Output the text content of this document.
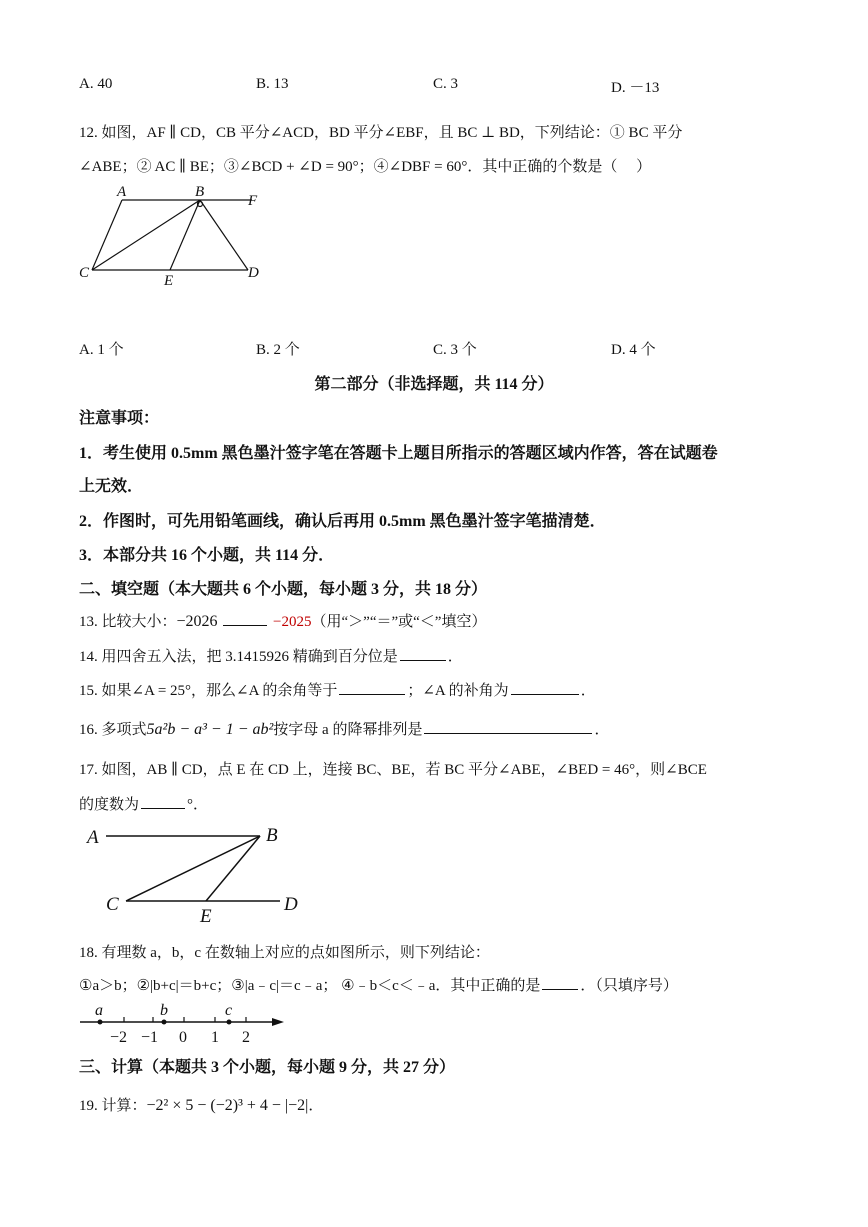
A. 40	B. 13	C. 3	D. －13
12. 如图，AF ∥ CD，CB 平分∠ACD，BD 平分∠EBF，且 BC ⊥ BD，下列结论：① BC 平分
∠ABE；② AC ∥ BE；③∠BCD + ∠D = 90°；④∠DBF = 60°．其中正确的个数是（　 ）
A	B
F
C	E	D
A. 1 个	B. 2 个	C. 3 个	D. 4 个
第二部分（非选择题，共 114 分）
注意事项：
1．考生使用 0.5mm 黑色墨汁签字笔在答题卡上题目所指示的答题区域内作答，答在试题卷
上无效．
2．作图时，可先用铅笔画线，确认后再用 0.5mm 黑色墨汁签字笔描清楚．
3．本部分共 16 个小题，共 114 分．
二、填空题（本大题共 6 个小题，每小题 3 分，共 18 分）
13. 比较大小：−2026	−2025（用“＞”“＝”或“＜”填空）
14. 用四舍五入法，把 3.1415926 精确到百分位是	．
15. 如果∠A = 25°，那么∠A 的余角等于	；∠A 的补角为	．
16. 多项式5a²b − a³ − 1 − ab²按字母 a 的降幂排列是	．
17. 如图，AB ∥ CD，点 E 在 CD 上，连接 BC、BE，若 BC 平分∠ABE，∠BED = 46°，则∠BCE
的度数为	°．
A	B
C
E
D
18. 有理数 a，b，c 在数轴上对应的点如图所示，则下列结论：
①a＞b；②|b+c|＝b+c；③|a﹣c|＝c﹣a； ④﹣b＜c＜﹣a．其中正确的是	．（只填序号）
a	b	c
−2 −1 0 1 2
三、计算（本题共 3 个小题，每小题 9 分，共 27 分）
19. 计算：−2² × 5 − (−2)³ + 4 − |−2|．
